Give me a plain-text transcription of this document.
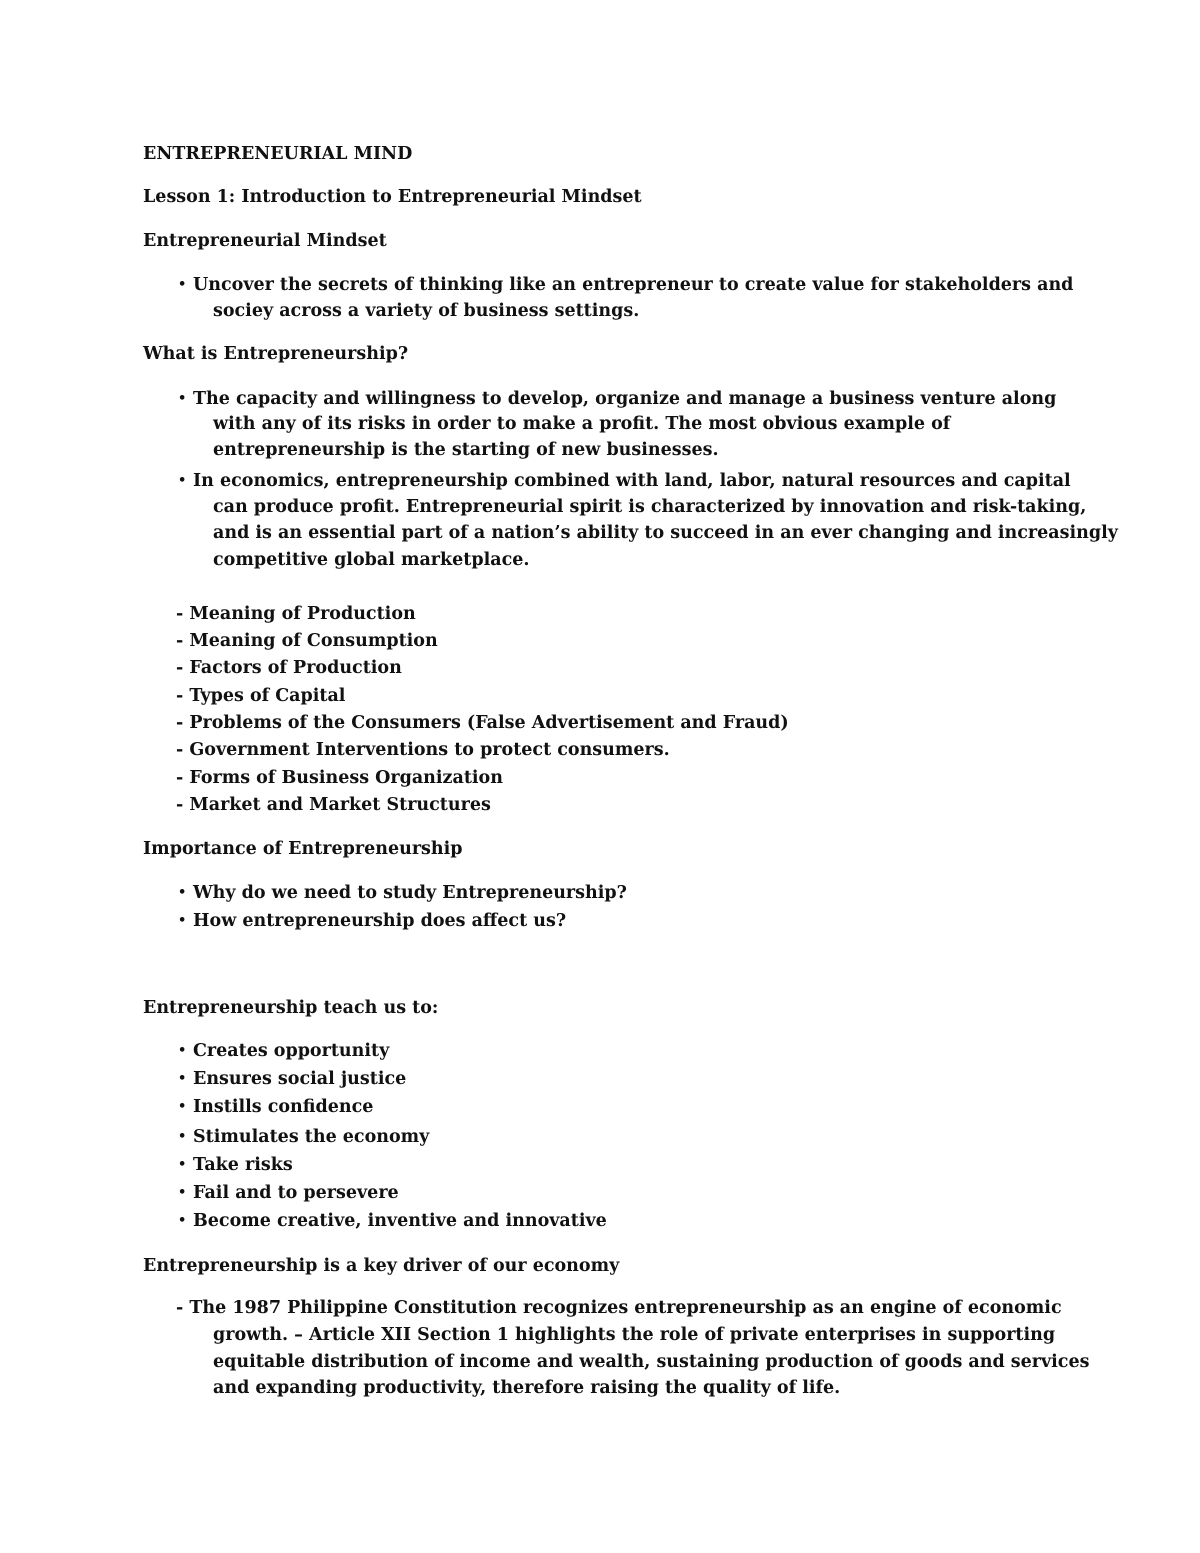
ENTREPRENEURIAL MIND
Lesson 1: Introduction to Entrepreneurial Mindset
Entrepreneurial Mindset
• Uncover the secrets of thinking like an entrepreneur to create value for stakeholders and
sociey across a variety of business settings.
What is Entrepreneurship?
• The capacity and willingness to develop, organize and manage a business venture along
with any of its risks in order to make a profit. The most obvious example of
entrepreneurship is the starting of new businesses.
• In economics, entrepreneurship combined with land, labor, natural resources and capital
can produce profit. Entrepreneurial spirit is characterized by innovation and risk-taking,
and is an essential part of a nation’s ability to succeed in an ever changing and increasingly
competitive global marketplace.
- Meaning of Production
- Meaning of Consumption
- Factors of Production
- Types of Capital
- Problems of the Consumers (False Advertisement and Fraud)
- Government Interventions to protect consumers.
- Forms of Business Organization
- Market and Market Structures
Importance of Entrepreneurship
• Why do we need to study Entrepreneurship?
• How entrepreneurship does affect us?
Entrepreneurship teach us to:
• Creates opportunity
• Ensures social justice
• Instills confidence
• Stimulates the economy
• Take risks
• Fail and to persevere
• Become creative, inventive and innovative
Entrepreneurship is a key driver of our economy
- The 1987 Philippine Constitution recognizes entrepreneurship as an engine of economic
growth. – Article XII Section 1 highlights the role of private enterprises in supporting
equitable distribution of income and wealth, sustaining production of goods and services
and expanding productivity, therefore raising the quality of life.
